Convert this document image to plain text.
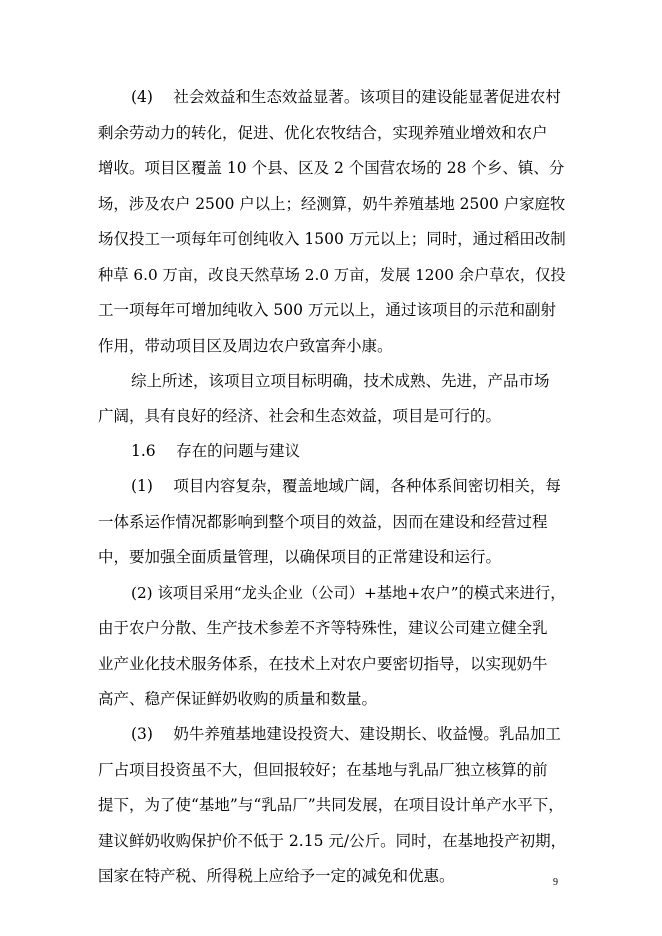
(4)　 社会效益和生态效益显著。该项目的建设能显著促进农村
剩余劳动力的转化，促进、优化农牧结合，实现养殖业增效和农户
增收。项目区覆盖 10 个县、区及 2 个国营农场的 28 个乡、镇、分
场，涉及农户 2500 户以上；经测算，奶牛养殖基地 2500 户家庭牧
场仅投工一项每年可创纯收入 1500 万元以上；同时，通过稻田改制
种草 6.0 万亩，改良天然草场 2.0 万亩，发展 1200 余户草农，仅投
工一项每年可增加纯收入 500 万元以上，通过该项目的示范和副射
作用，带动项目区及周边农户致富奔小康。
综上所述，该项目立项目标明确，技术成熟、先进，产品市场
广阔，具有良好的经济、社会和生态效益，项目是可行的。
1.6　 存在的问题与建议
(1)　 项目内容复杂，覆盖地域广阔，各种体系间密切相关，每
一体系运作情况都影响到整个项目的效益，因而在建设和经营过程
中，要加强全面质量管理，以确保项目的正常建设和运行。
(2) 该项目采用“龙头企业（公司）+基地+农户”的模式来进行，
由于农户分散、生产技术参差不齐等特殊性，建议公司建立健全乳
业产业化技术服务体系，在技术上对农户要密切指导，以实现奶牛
高产、稳产保证鲜奶收购的质量和数量。
(3)　 奶牛养殖基地建设投资大、建设期长、收益慢。乳品加工
厂占项目投资虽不大，但回报较好；在基地与乳品厂独立核算的前
提下，为了使“基地”与“乳品厂”共同发展，在项目设计单产水平下，
建议鲜奶收购保护价不低于 2.15 元/公斤。同时，在基地投产初期，
国家在特产税、所得税上应给予一定的减免和优惠。	9
